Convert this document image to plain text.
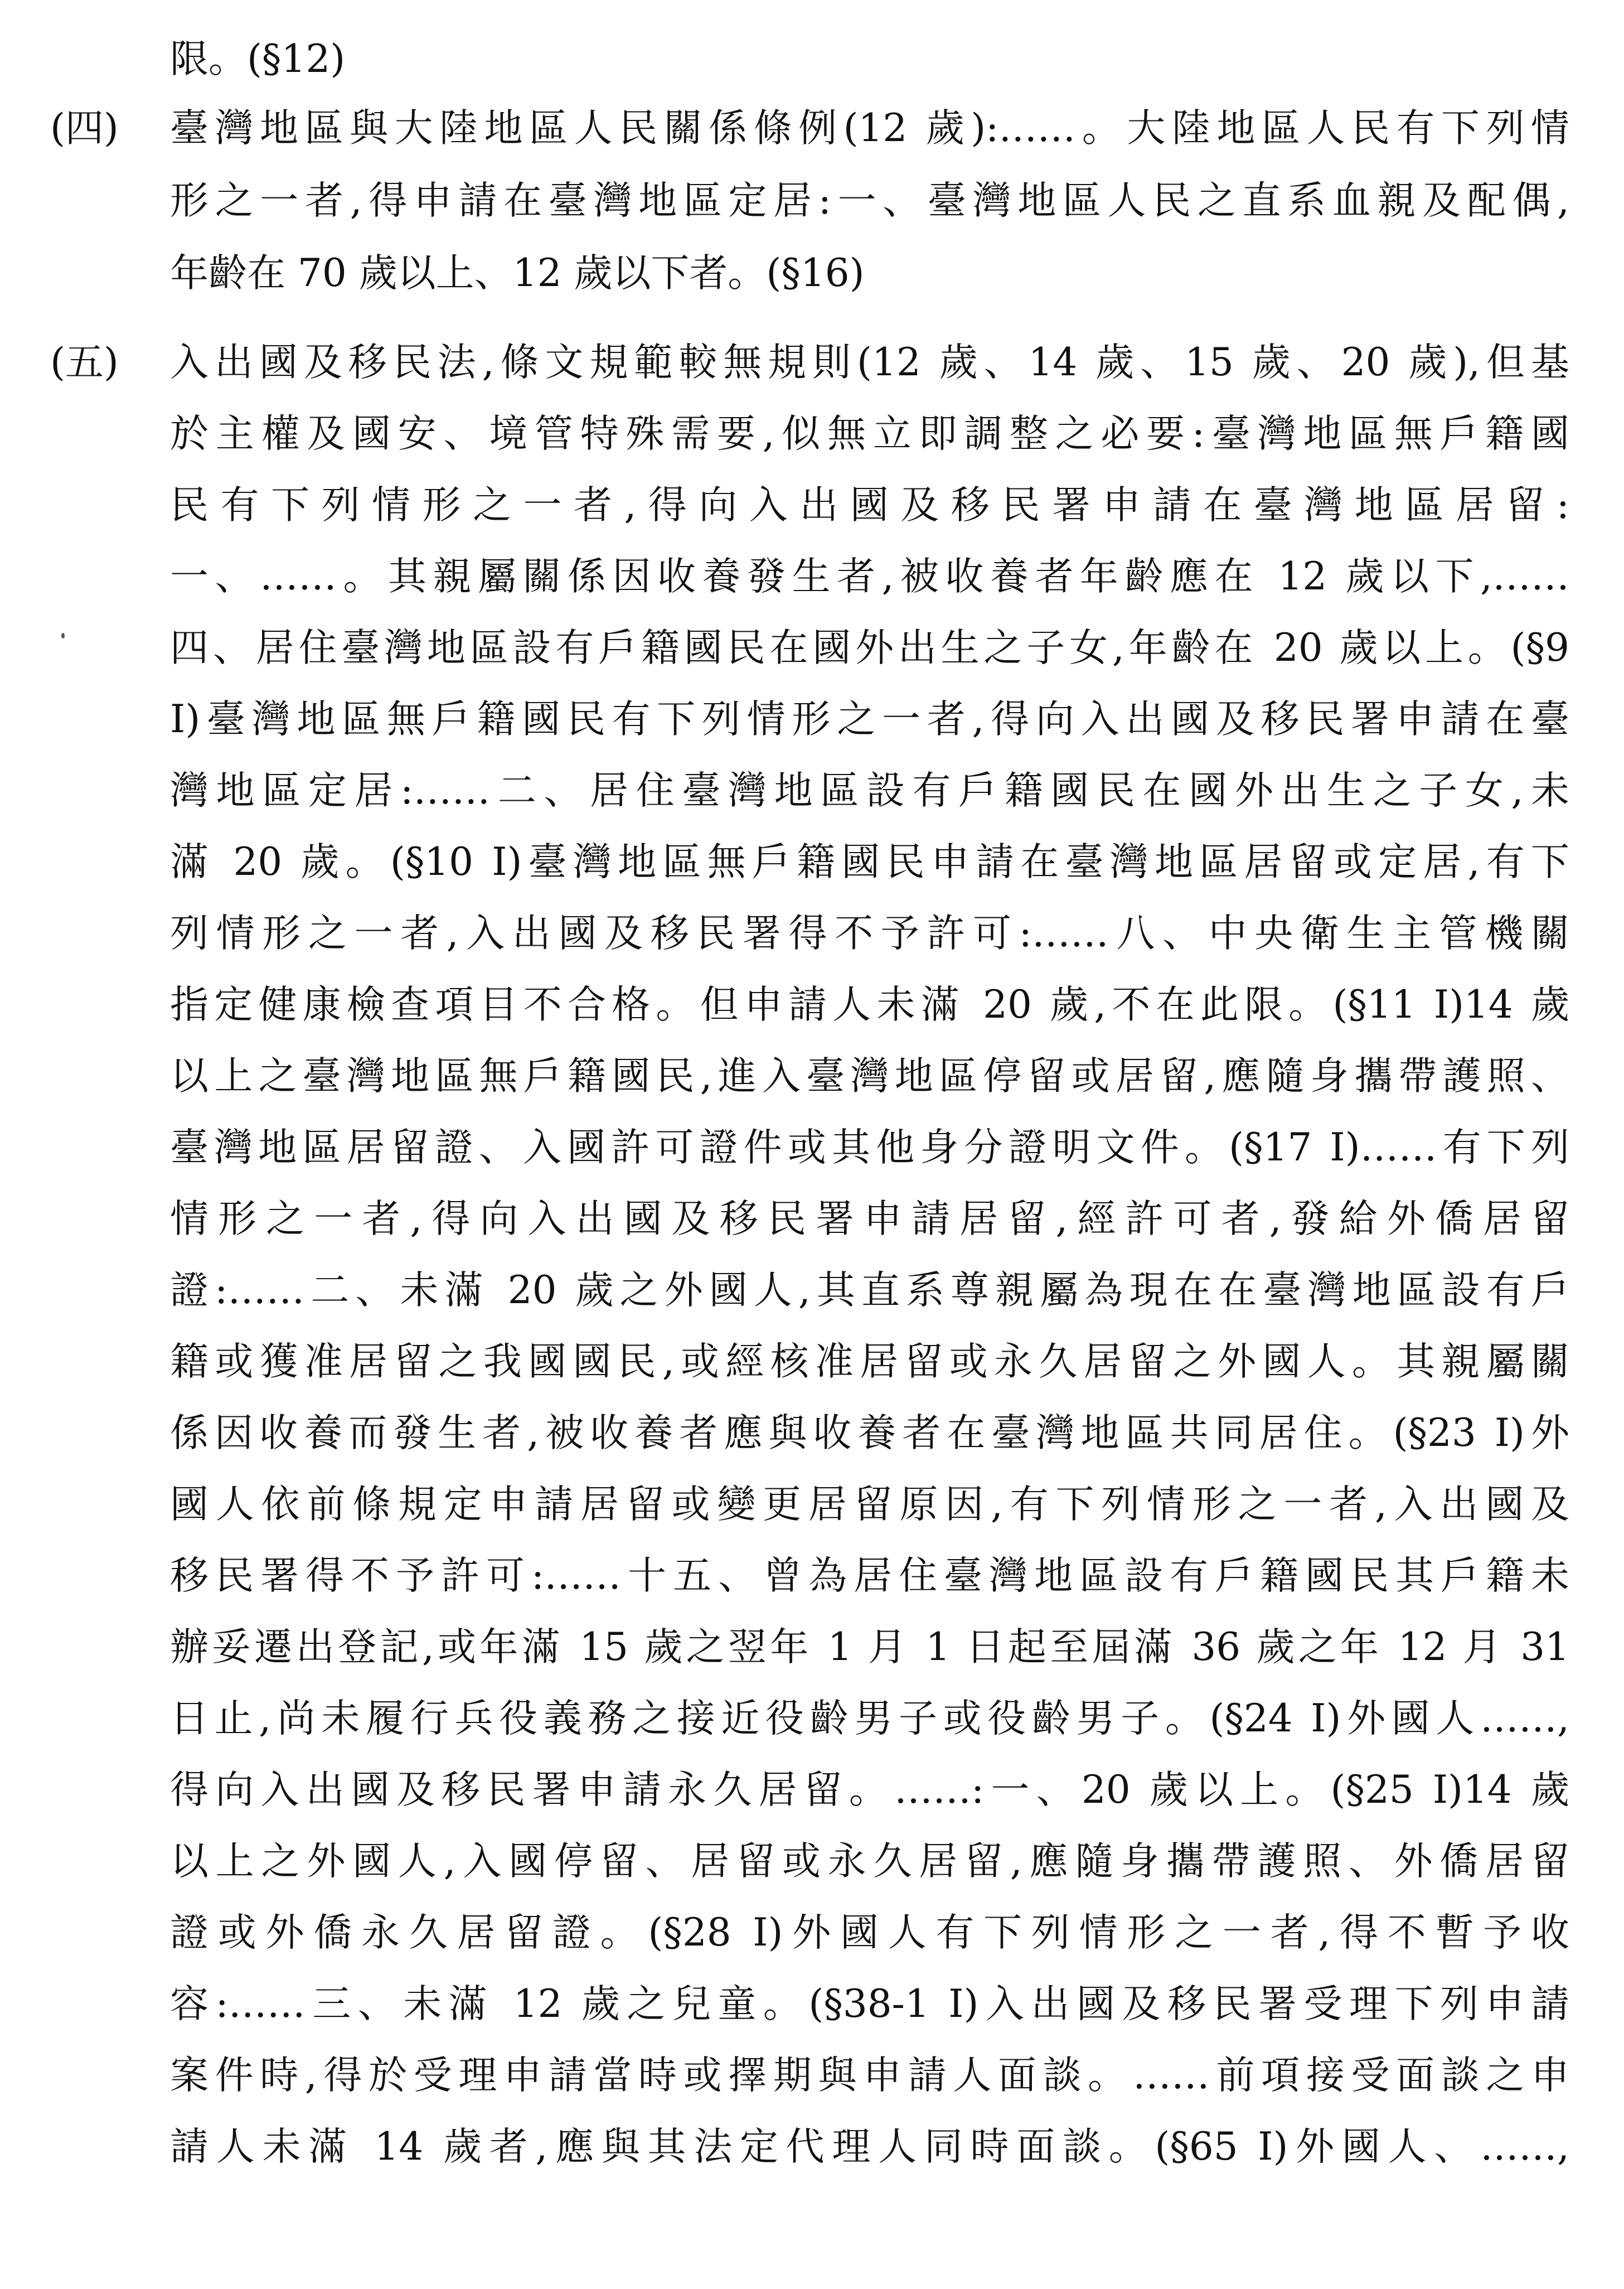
限。(§12)
(四) 臺灣地區與大陸地區人民關係條例(12 歲):……。大陸地區人民有下列情
形之一者,得申請在臺灣地區定居:一、臺灣地區人民之直系血親及配偶,
年齡在 70 歲以上、12 歲以下者。(§16)
(五) 入出國及移民法,條文規範較無規則(12 歲、14 歲、15 歲、20 歲),但基
於主權及國安、境管特殊需要,似無立即調整之必要:臺灣地區無戶籍國
民有下列情形之一者,得向入出國及移民署申請在臺灣地區居留:
一、……。其親屬關係因收養發生者,被收養者年齡應在 12 歲以下,……
四、居住臺灣地區設有戶籍國民在國外出生之子女,年齡在 20 歲以上。(§9
I)臺灣地區無戶籍國民有下列情形之一者,得向入出國及移民署申請在臺
灣地區定居:……二、居住臺灣地區設有戶籍國民在國外出生之子女,未
滿 20 歲。(§10 I)臺灣地區無戶籍國民申請在臺灣地區居留或定居,有下
列情形之一者,入出國及移民署得不予許可:……八、中央衛生主管機關
指定健康檢查項目不合格。但申請人未滿 20 歲,不在此限。(§11 I)14 歲
以上之臺灣地區無戶籍國民,進入臺灣地區停留或居留,應隨身攜帶護照、
臺灣地區居留證、入國許可證件或其他身分證明文件。(§17 I)……有下列
情形之一者,得向入出國及移民署申請居留,經許可者,發給外僑居留
證:……二、未滿 20 歲之外國人,其直系尊親屬為現在在臺灣地區設有戶
籍或獲准居留之我國國民,或經核准居留或永久居留之外國人。其親屬關
係因收養而發生者,被收養者應與收養者在臺灣地區共同居住。(§23 I)外
國人依前條規定申請居留或變更居留原因,有下列情形之一者,入出國及
移民署得不予許可:……十五、曾為居住臺灣地區設有戶籍國民其戶籍未
辦妥遷出登記,或年滿 15 歲之翌年 1 月 1 日起至屆滿 36 歲之年 12 月 31
日止,尚未履行兵役義務之接近役齡男子或役齡男子。(§24 I)外國人……,
得向入出國及移民署申請永久居留。……:一、20 歲以上。(§25 I)14 歲
以上之外國人,入國停留、居留或永久居留,應隨身攜帶護照、外僑居留
證或外僑永久居留證。(§28 I)外國人有下列情形之一者,得不暫予收
容:……三、未滿 12 歲之兒童。(§38-1 I)入出國及移民署受理下列申請
案件時,得於受理申請當時或擇期與申請人面談。……前項接受面談之申
請人未滿 14 歲者,應與其法定代理人同時面談。(§65 I)外國人、……,
